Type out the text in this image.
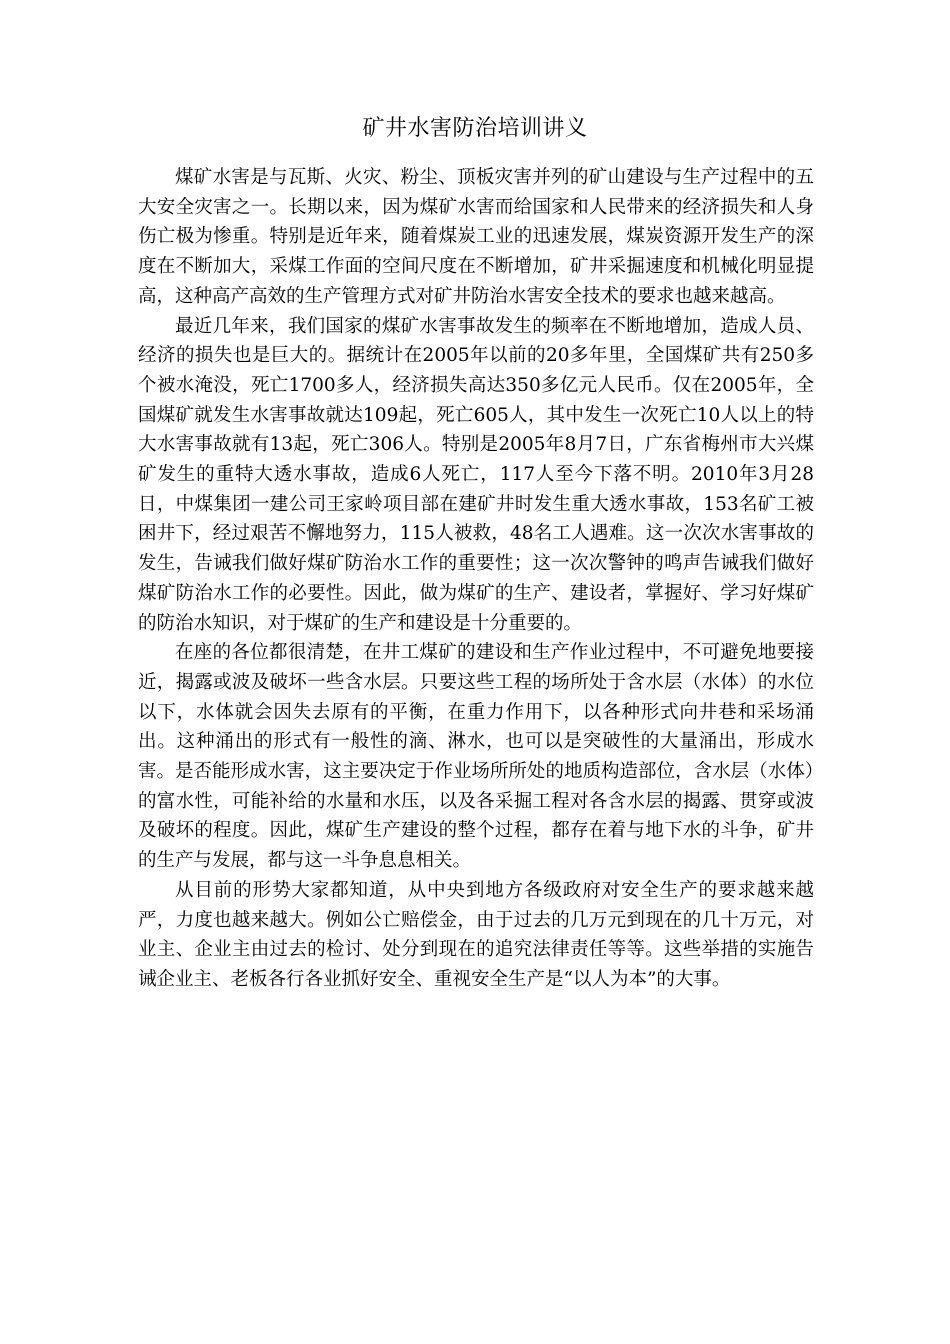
矿井水害防治培训讲义

煤矿水害是与瓦斯、火灾、粉尘、顶板灾害并列的矿山建设与生产过程中的五大安全灾害之一。长期以来，因为煤矿水害而给国家和人民带来的经济损失和人身伤亡极为惨重。特别是近年来，随着煤炭工业的迅速发展，煤炭资源开发生产的深度在不断加大，采煤工作面的空间尺度在不断增加，矿井采掘速度和机械化明显提高，这种高产高效的生产管理方式对矿井防治水害安全技术的要求也越来越高。

最近几年来，我们国家的煤矿水害事故发生的频率在不断地增加，造成人员、经济的损失也是巨大的。据统计在2005年以前的20多年里，全国煤矿共有250多个被水淹没，死亡1700多人，经济损失高达350多亿元人民币。仅在2005年，全国煤矿就发生水害事故就达109起，死亡605人，其中发生一次死亡10人以上的特大水害事故就有13起，死亡306人。特别是2005年8月7日，广东省梅州市大兴煤矿发生的重特大透水事故，造成6人死亡，117人至今下落不明。2010年3月28日，中煤集团一建公司王家岭项目部在建矿井时发生重大透水事故，153名矿工被困井下，经过艰苦不懈地努力，115人被救，48名工人遇难。这一次次水害事故的发生，告诫我们做好煤矿防治水工作的重要性；这一次次警钟的鸣声告诫我们做好煤矿防治水工作的必要性。因此，做为煤矿的生产、建设者，掌握好、学习好煤矿的防治水知识，对于煤矿的生产和建设是十分重要的。

在座的各位都很清楚，在井工煤矿的建设和生产作业过程中，不可避免地要接近，揭露或波及破坏一些含水层。只要这些工程的场所处于含水层（水体）的水位以下，水体就会因失去原有的平衡，在重力作用下，以各种形式向井巷和采场涌出。这种涌出的形式有一般性的滴、淋水，也可以是突破性的大量涌出，形成水害。是否能形成水害，这主要决定于作业场所所处的地质构造部位，含水层（水体）的富水性，可能补给的水量和水压，以及各采掘工程对各含水层的揭露、贯穿或波及破坏的程度。因此，煤矿生产建设的整个过程，都存在着与地下水的斗争，矿井的生产与发展，都与这一斗争息息相关。

从目前的形势大家都知道，从中央到地方各级政府对安全生产的要求越来越严，力度也越来越大。例如公亡赔偿金，由于过去的几万元到现在的几十万元，对业主、企业主由过去的检讨、处分到现在的追究法律责任等等。这些举措的实施告诫企业主、老板各行各业抓好安全、重视安全生产是“以人为本”的大事。
